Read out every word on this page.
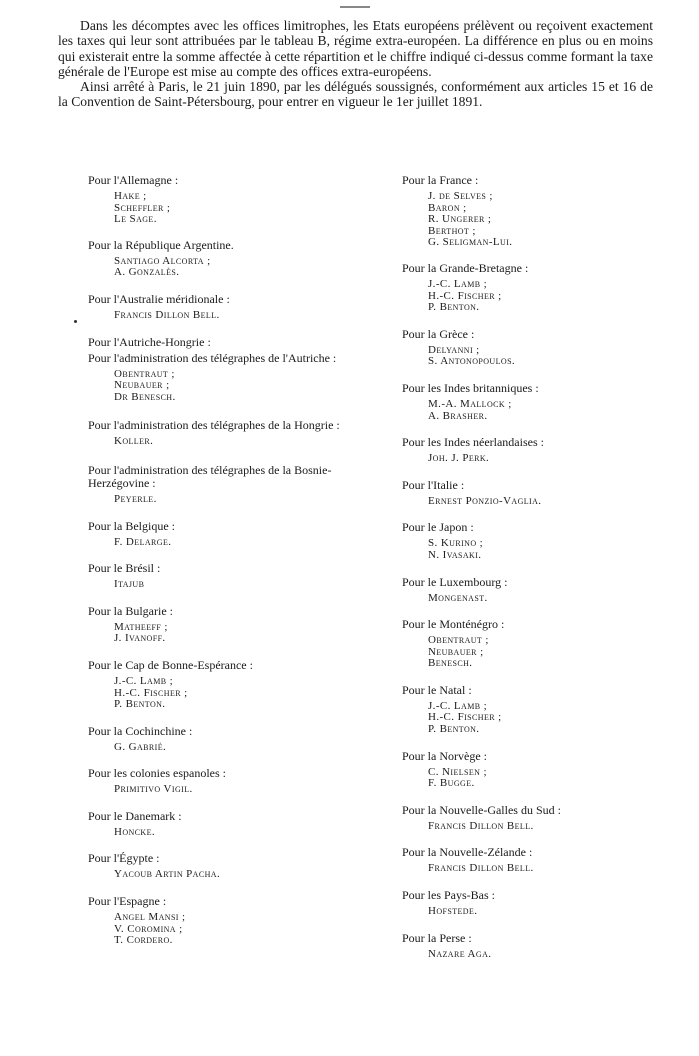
Dans les décomptes avec les offices limitrophes, les Etats européens prélèvent ou reçoivent exactement les taxes qui leur sont attribuées par le tableau B, régime extra-européen. La différence en plus ou en moins qui existerait entre la somme affectée à cette répartition et le chiffre indiqué ci-dessus comme formant la taxe générale de l'Europe est mise au compte des offices extra-européens.

Ainsi arrêté à Paris, le 21 juin 1890, par les délégués soussignés, conformément aux articles 15 et 16 de la Convention de Saint-Pétersbourg, pour entrer en vigueur le 1er juillet 1891.

Pour l'Allemagne :

Hake ;
Scheffler ;
Le Sage.

Pour la République Argentine.

Santiago Alcorta ;
A. Gonzalès.

Pour l'Australie méridionale :

Francis Dillon Bell.

Pour l'Autriche-Hongrie :

Pour l'administration des télégraphes de l'Autriche :

Obentraut ;
Neubauer ;
Dr Benesch.

Pour l'administration des télégraphes de la Hongrie :

Koller.

Pour l'administration des télégraphes de la Bosnie-Herzégovine :

Peyerle.

Pour la Belgique :

F. Delarge.

Pour le Brésil :

Itajub

Pour la Bulgarie :

Matheeff ;
J. Ivanoff.

Pour le Cap de Bonne-Espérance :

J.-C. Lamb ;
H.-C. Fischer ;
P. Benton.

Pour la Cochinchine :

G. Gabrié.

Pour les colonies espanoles :

Primitivo Vigil.

Pour le Danemark :

Honcke.

Pour l'Égypte :

Yacoub Artin Pacha.

Pour l'Espagne :

Angel Mansi ;
V. Coromina ;
T. Cordero.

Pour la France :

J. de Selves ;
Baron ;
R. Ungerer ;
Berthot ;
G. Seligman-Lui.

Pour la Grande-Bretagne :

J.-C. Lamb ;
H.-C. Fischer ;
P. Benton.

Pour la Grèce :

Delyanni ;
S. Antonopoulos.

Pour les Indes britanniques :

M.-A. Mallock ;
A. Brasher.

Pour les Indes néerlandaises :

Joh. J. Perk.

Pour l'Italie :

Ernest Ponzio-Vaglia.

Pour le Japon :

S. Kurino ;
N. Ivasaki.

Pour le Luxembourg :

Mongenast.

Pour le Monténégro :

Obentraut ;
Neubauer ;
Benesch.

Pour le Natal :

J.-C. Lamb ;
H.-C. Fischer ;
P. Benton.

Pour la Norvège :

C. Nielsen ;
F. Bugge.

Pour la Nouvelle-Galles du Sud :

Francis Dillon Bell.

Pour la Nouvelle-Zélande :

Francis Dillon Bell.

Pour les Pays-Bas :

Hofstede.

Pour la Perse :

Nazare Aga.
